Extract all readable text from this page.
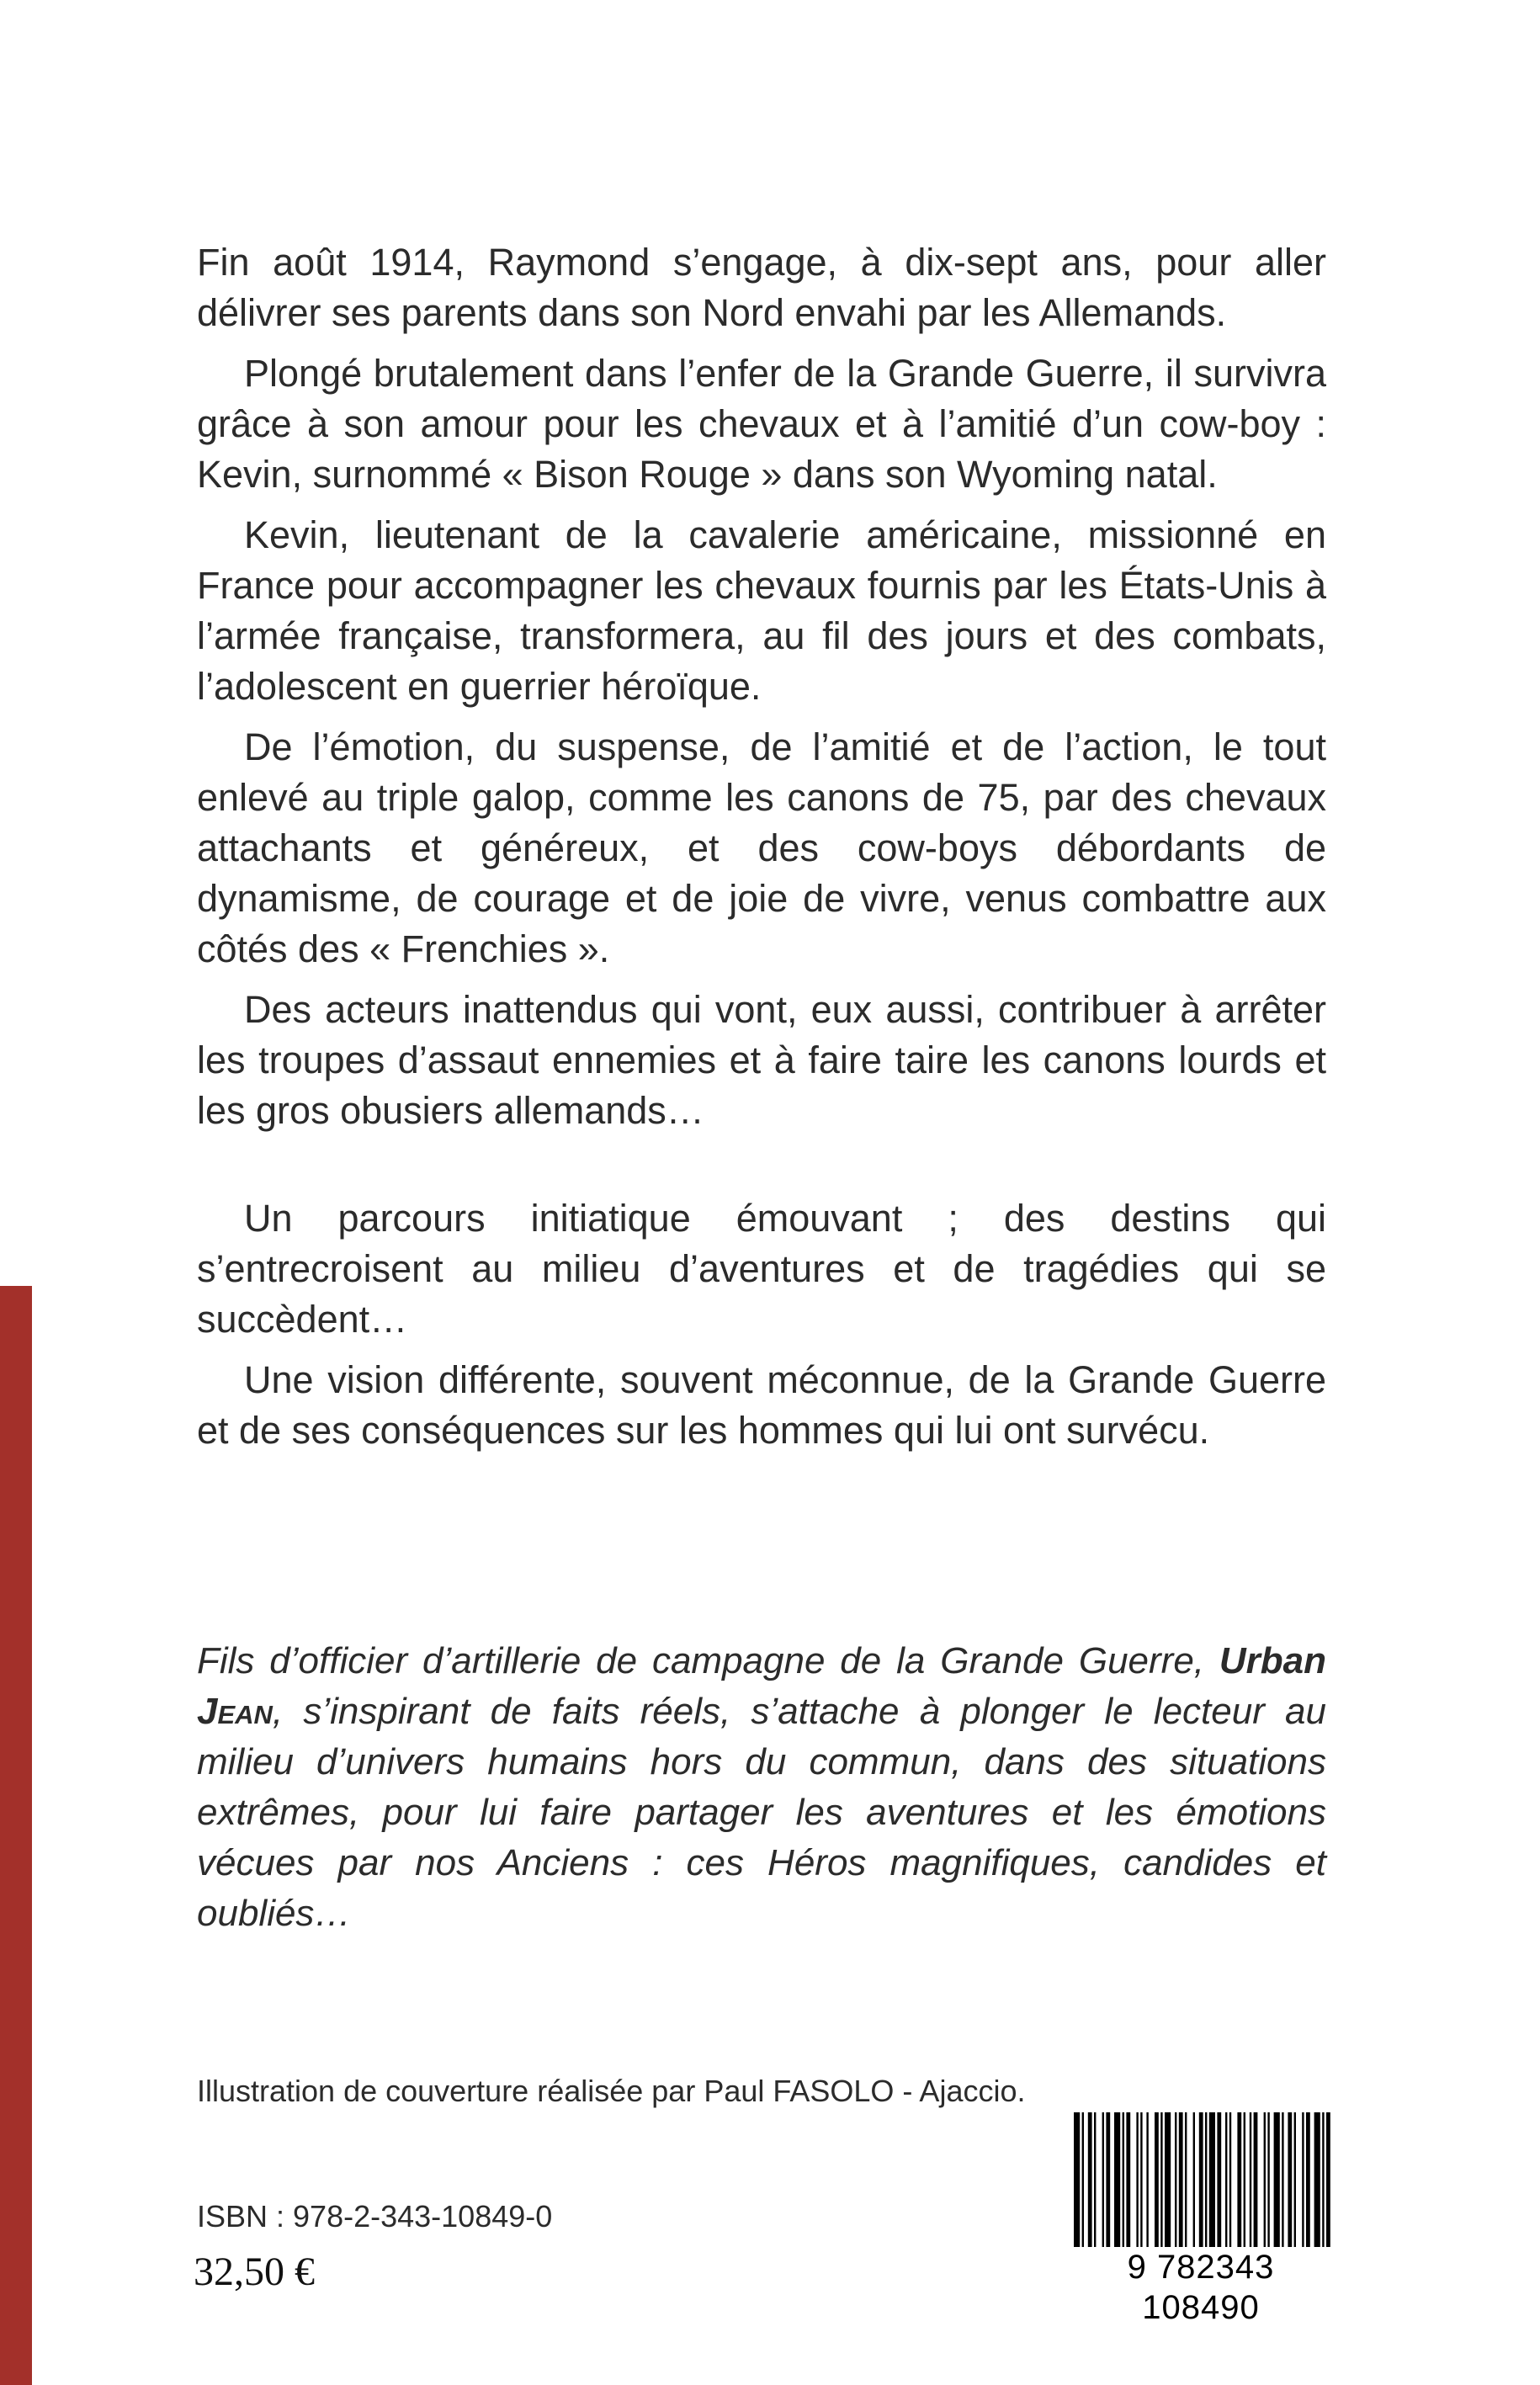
Fin août 1914, Raymond s’engage, à dix-sept ans, pour aller délivrer ses parents dans son Nord envahi par les Allemands.

Plongé brutalement dans l’enfer de la Grande Guerre, il survivra grâce à son amour pour les chevaux et à l’amitié d’un cow-boy : Kevin, surnommé « Bison Rouge » dans son Wyoming natal.

Kevin, lieutenant de la cavalerie américaine, missionné en France pour accompagner les chevaux fournis par les États-Unis à l’armée française, transformera, au fil des jours et des combats, l’adolescent en guerrier héroïque.

De l’émotion, du suspense, de l’amitié et de l’action, le tout enlevé au triple galop, comme les canons de 75, par des chevaux attachants et généreux, et des cow-boys débordants de dynamisme, de courage et de joie de vivre, venus combattre aux côtés des « Frenchies ».

Des acteurs inattendus qui vont, eux aussi, contribuer à arrêter les troupes d’assaut ennemies et à faire taire les canons lourds et les gros obusiers allemands…

Un parcours initiatique émouvant ; des destins qui s’entrecroisent au milieu d’aventures et de tragédies qui se succèdent…

Une vision différente, souvent méconnue, de la Grande Guerre et de ses conséquences sur les hommes qui lui ont survécu.

Fils d’officier d’artillerie de campagne de la Grande Guerre, Urban Jean, s’inspirant de faits réels, s’attache à plonger le lecteur au milieu d’univers humains hors du commun, dans des situations extrêmes, pour lui faire partager les aventures et les émotions vécues par nos Anciens : ces Héros magnifiques, candides et oubliés…
Illustration de couverture réalisée par Paul FASOLO - Ajaccio.
ISBN : 978-2-343-10849-0
32,50 €	9 782343 108490
